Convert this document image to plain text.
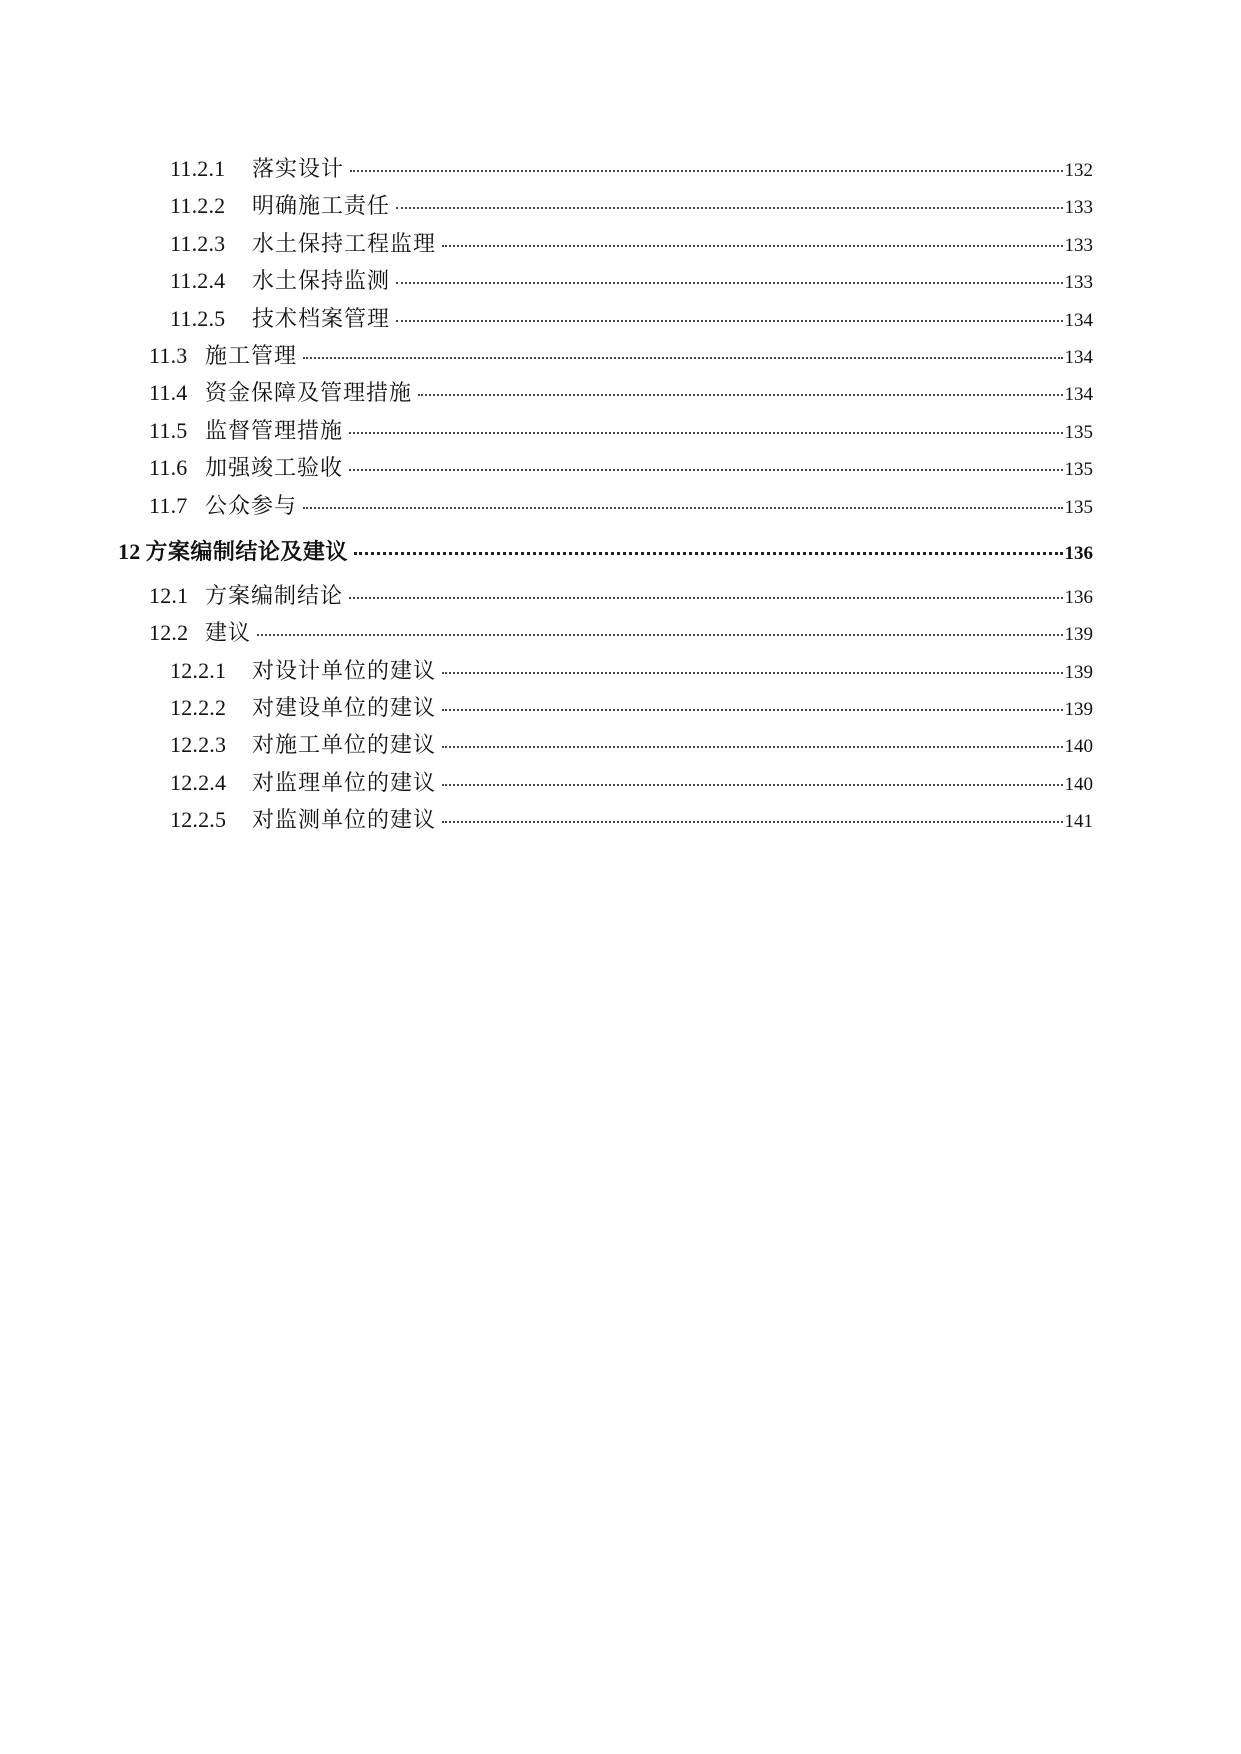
11.2.1	落实设计	132
11.2.2	明确施工责任	133
11.2.3	水土保持工程监理	133
11.2.4	水土保持监测	133
11.2.5	技术档案管理	134
11.3 施工管理	134
11.4 资金保障及管理措施	134
11.5 监督管理措施	135
11.6 加强竣工验收	135
11.7 公众参与	135
12 方案编制结论及建议	136
12.1 方案编制结论	136
12.2 建议	139
12.2.1	对设计单位的建议	139
12.2.2	对建设单位的建议	139
12.2.3	对施工单位的建议	140
12.2.4	对监理单位的建议	140
12.2.5	对监测单位的建议	141
